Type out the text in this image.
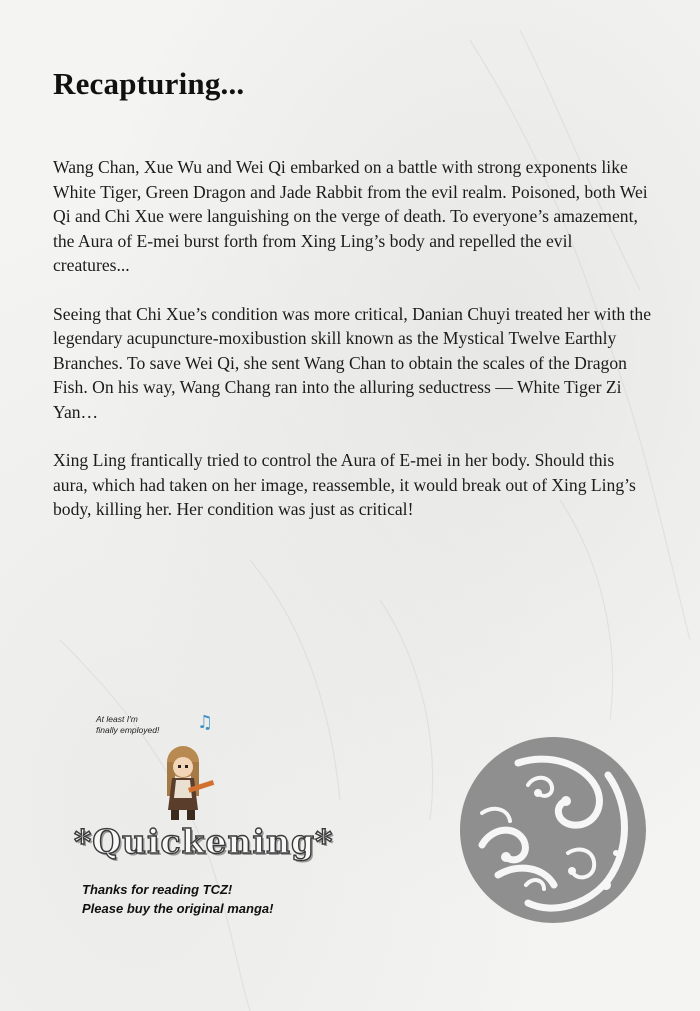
Recapturing...

Wang Chan, Xue Wu and Wei Qi embarked on a battle with strong exponents like White Tiger, Green Dragon and Jade Rabbit from the evil realm. Poisoned, both Wei Qi and Chi Xue were languishing on the verge of death. To everyone’s amazement, the Aura of E-mei burst forth from Xing Ling’s body and repelled the evil creatures...

Seeing that Chi Xue’s condition was more critical, Danian Chuyi treated her with the legendary acupuncture-moxibustion skill known as the Mystical Twelve Earthly Branches. To save Wei Qi, she sent Wang Chan to obtain the scales of the Dragon Fish. On his way, Wang Chang ran into the alluring seductress — White Tiger Zi Yan…

Xing Ling frantically tried to control the Aura of E-mei in her body. Should this aura, which had taken on her image, reassemble, it would break out of Xing Ling’s body, killing her. Her condition was just as critical!

At least I'm
finally employed!	♫
*Quickening*
Thanks for reading TCZ!
Please buy the original manga!
